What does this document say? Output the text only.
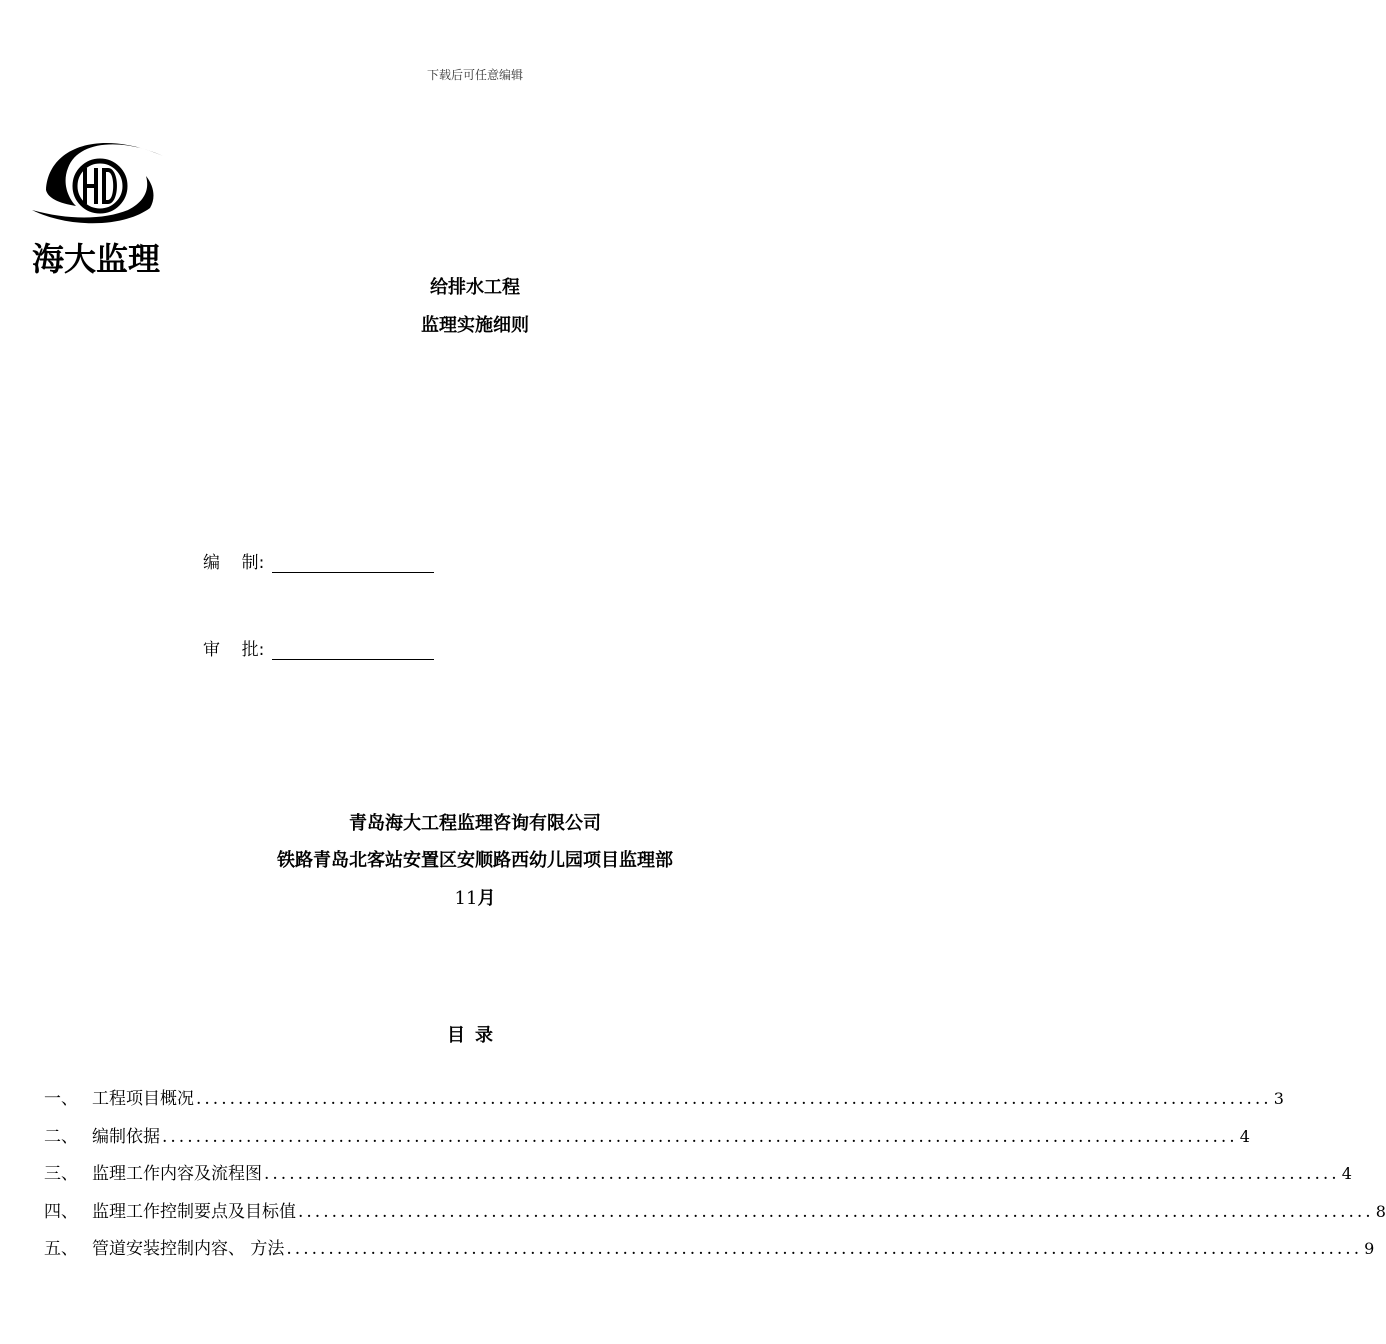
下载后可任意编辑
海大监理
给排水工程
监理实施细则
编    制:
审    批:
青岛海大工程监理咨询有限公司
铁路青岛北客站安置区安顺路西幼儿园项目监理部
11月
目录
一、 工程项目概况 ................................................................................................................................ 3
二、 编制依据 ................................................................................................................................ 4
三、 监理工作内容及流程图 ................................................................................................................................ 4
四、 监理工作控制要点及目标值 ................................................................................................................................ 8
五、 管道安装控制内容、 方法 ................................................................................................................................ 9
